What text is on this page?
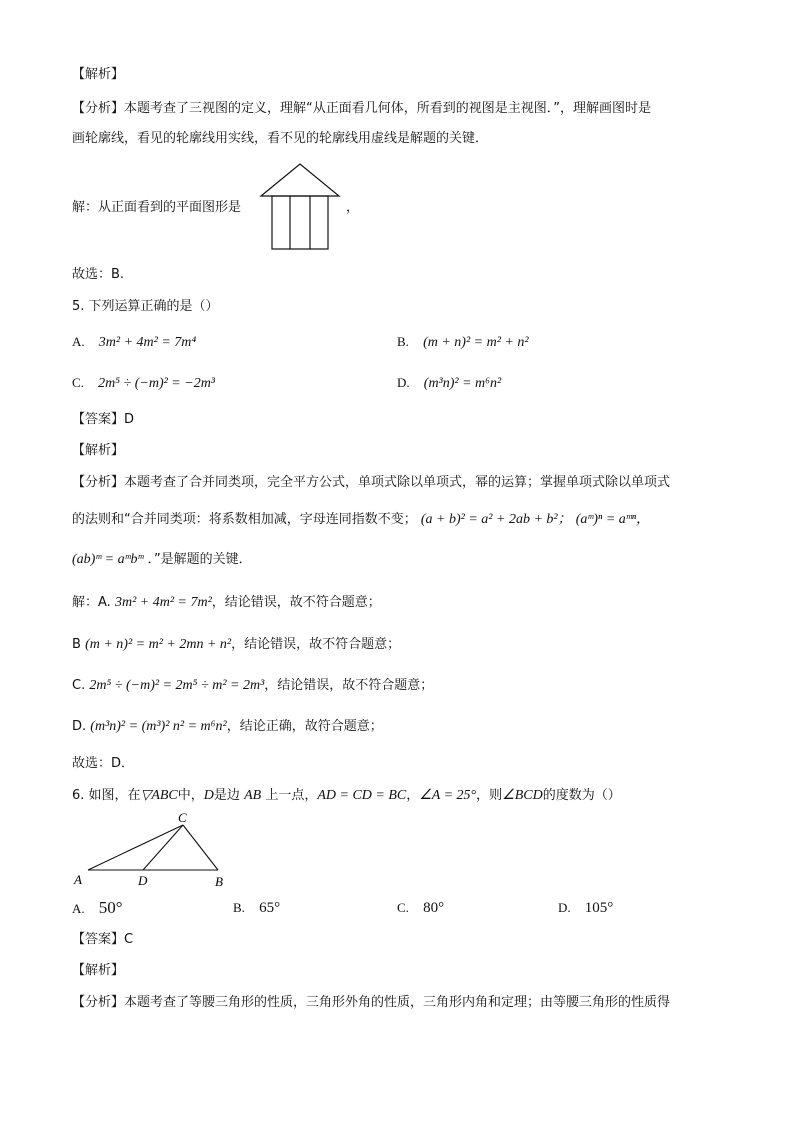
【解析】
【分析】本题考查了三视图的定义，理解“从正面看几何体，所看到的视图是主视图．”，理解画图时是
画轮廓线，看见的轮廓线用实线，看不见的轮廓线用虚线是解题的关键．
解：从正面看到的平面图形是	，
故选：B.
5. 下列运算正确的是（）
A. 3m² + 4m² = 7m⁴	B. (m + n)² = m² + n²
C. 2m⁵ ÷ (−m)² = −2m³	D. (m³n)² = m⁶n²
【答案】D
【解析】
【分析】本题考查了合并同类项，完全平方公式，单项式除以单项式，幂的运算；掌握单项式除以单项式
的法则和“合并同类项：将系数相加减，字母连同指数不变； (a + b)² = a² + 2ab + b²； (aᵐ)ⁿ = aᵐⁿ，
(ab)ᵐ = aᵐbᵐ ．”是解题的关键．
解：A. 3m² + 4m² = 7m²，结论错误，故不符合题意；
B (m + n)² = m² + 2mn + n²，结论错误，故不符合题意；
C. 2m⁵ ÷ (−m)² = 2m⁵ ÷ m² = 2m³，结论错误，故不符合题意；
D. (m³n)² = (m³)² n² = m⁶n²，结论正确，故符合题意；
故选：D．
6. 如图，在▽ABC中，D是边 AB 上一点，AD = CD = BC，∠A = 25°，则∠BCD的度数为（）
C
A	D	B
A. 50°	B. 65°	C. 80°	D. 105°
【答案】C
【解析】
【分析】本题考查了等腰三角形的性质，三角形外角的性质，三角形内角和定理；由等腰三角形的性质得
